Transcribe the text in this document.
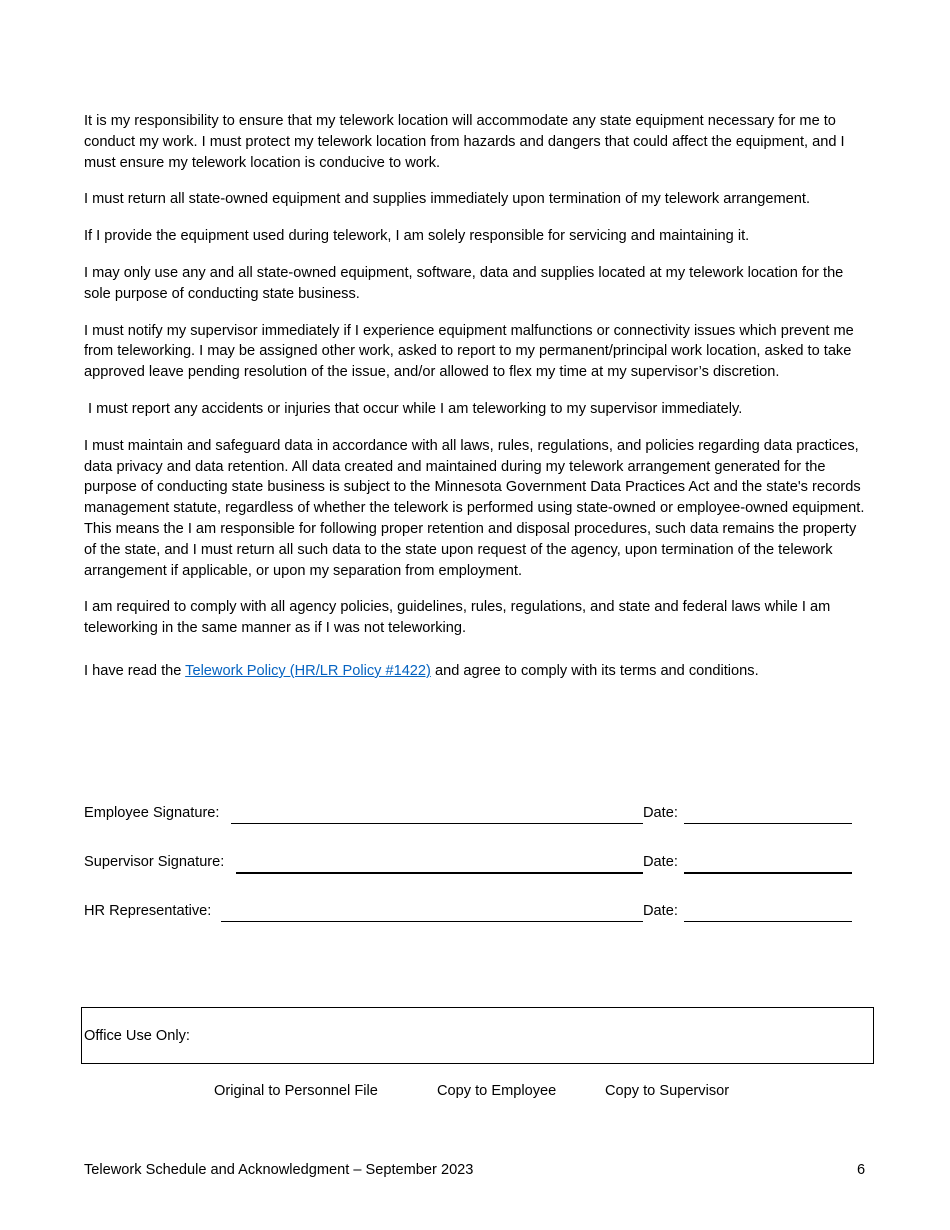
It is my responsibility to ensure that my telework location will accommodate any state equipment necessary for me to conduct my work. I must protect my telework location from hazards and dangers that could affect the equipment, and I must ensure my telework location is conducive to work.

I must return all state-owned equipment and supplies immediately upon termination of my telework arrangement.

If I provide the equipment used during telework, I am solely responsible for servicing and maintaining it.

I may only use any and all state-owned equipment, software, data and supplies located at my telework location for the sole purpose of conducting state business.

I must notify my supervisor immediately if I experience equipment malfunctions or connectivity issues which prevent me from teleworking. I may be assigned other work, asked to report to my permanent/principal work location, asked to take approved leave pending resolution of the issue, and/or allowed to flex my time at my supervisor’s discretion.

I must report any accidents or injuries that occur while I am teleworking to my supervisor immediately.

I must maintain and safeguard data in accordance with all laws, rules, regulations, and policies regarding data practices, data privacy and data retention. All data created and maintained during my telework arrangement generated for the purpose of conducting state business is subject to the Minnesota Government Data Practices Act and the state's records management statute, regardless of whether the telework is performed using state-owned or employee-owned equipment. This means the I am responsible for following proper retention and disposal procedures, such data remains the property of the state, and I must return all such data to the state upon request of the agency, upon termination of the telework arrangement if applicable, or upon my separation from employment.

I am required to comply with all agency policies, guidelines, rules, regulations, and state and federal laws while I am teleworking in the same manner as if I was not teleworking.

I have read the Telework Policy (HR/LR Policy #1422) and agree to comply with its terms and conditions.

Employee Signature:	Date:
Supervisor Signature:	Date:
HR Representative:	Date:
Office Use Only:
Original to Personnel File	Copy to Employee	Copy to Supervisor
Telework Schedule and Acknowledgment – September 2023	6
